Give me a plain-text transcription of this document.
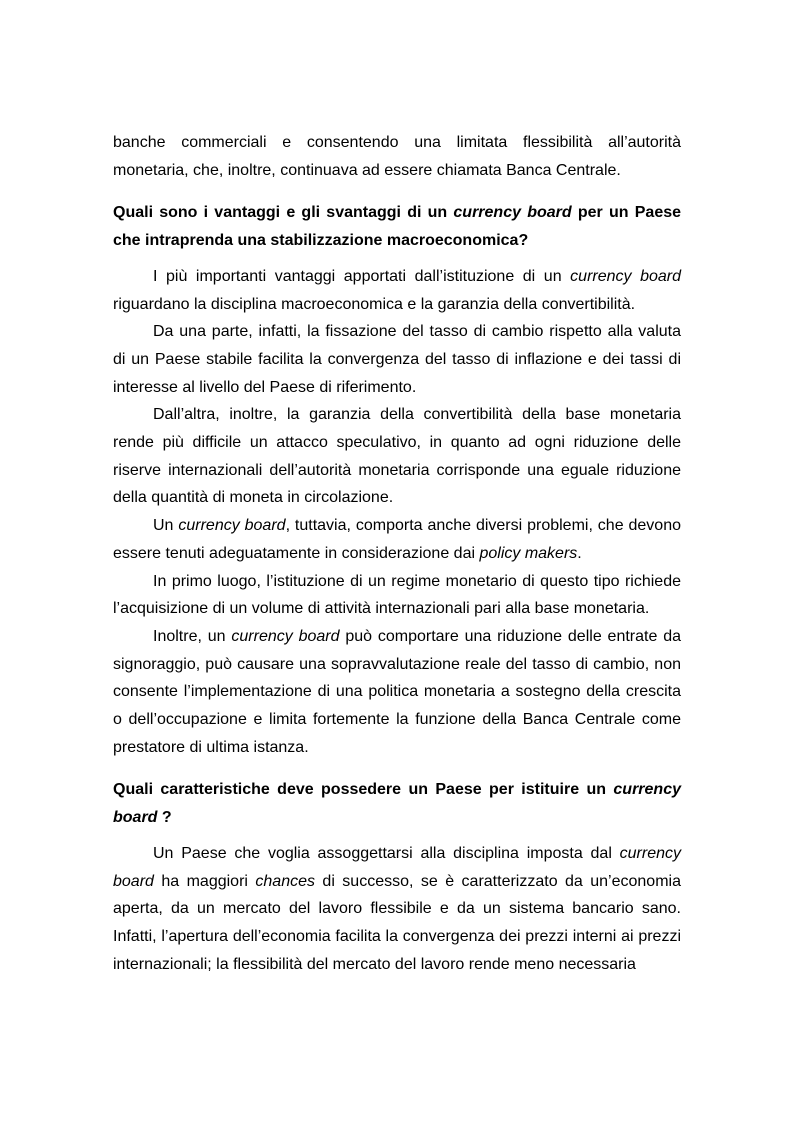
banche commerciali e consentendo una limitata flessibilità all’autorità monetaria, che, inoltre, continuava ad essere chiamata Banca Centrale.

Quali sono i vantaggi e gli svantaggi di un currency board per un Paese che intraprenda una stabilizzazione macroeconomica?

I più importanti vantaggi apportati dall’istituzione di un currency board riguardano la disciplina macroeconomica e la garanzia della convertibilità.

Da una parte, infatti, la fissazione del tasso di cambio rispetto alla valuta di un Paese stabile facilita la convergenza del tasso di inflazione e dei tassi di interesse al livello del Paese di riferimento.

Dall’altra, inoltre, la garanzia della convertibilità della base monetaria rende più difficile un attacco speculativo, in quanto ad ogni riduzione delle riserve internazionali dell’autorità monetaria corrisponde una eguale riduzione della quantità di moneta in circolazione.

Un currency board, tuttavia, comporta anche diversi problemi, che devono essere tenuti adeguatamente in considerazione dai policy makers.

In primo luogo, l’istituzione di un regime monetario di questo tipo richiede l’acquisizione di un volume di attività internazionali pari alla base monetaria.

Inoltre, un currency board può comportare una riduzione delle entrate da signoraggio, può causare una sopravvalutazione reale del tasso di cambio, non consente l’implementazione di una politica monetaria a sostegno della crescita o dell’occupazione e limita fortemente la funzione della Banca Centrale come prestatore di ultima istanza.

Quali caratteristiche deve possedere un Paese per istituire un currency board ?

Un Paese che voglia assoggettarsi alla disciplina imposta dal currency board ha maggiori chances di successo, se è caratterizzato da un’economia aperta, da un mercato del lavoro flessibile e da un sistema bancario sano. Infatti, l’apertura dell’economia facilita la convergenza dei prezzi interni ai prezzi internazionali; la flessibilità del mercato del lavoro rende meno necessaria
